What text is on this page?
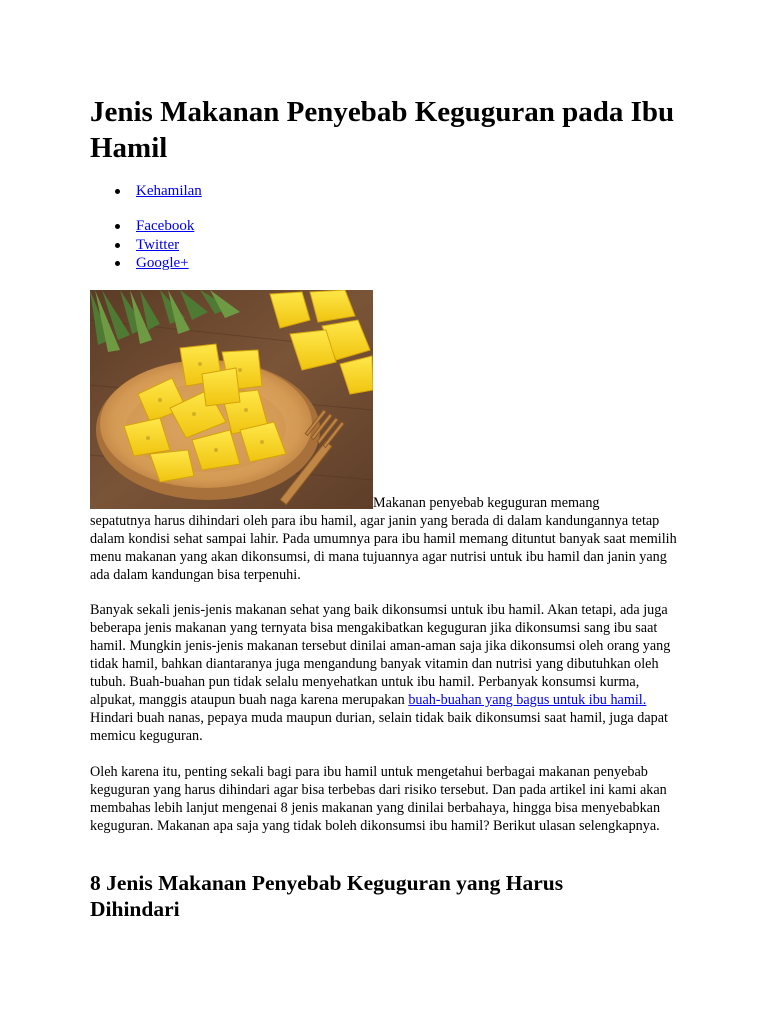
Jenis Makanan Penyebab Keguguran pada Ibu Hamil
Kehamilan
Facebook
Twitter
Google+
Makanan penyebab keguguran memang

sepatutnya harus dihindari oleh para ibu hamil, agar janin yang berada di dalam kandungannya tetap dalam kondisi sehat sampai lahir. Pada umumnya para ibu hamil memang dituntut banyak saat memilih menu makanan yang akan dikonsumsi, di mana tujuannya agar nutrisi untuk ibu hamil dan janin yang ada dalam kandungan bisa terpenuhi.

Banyak sekali jenis-jenis makanan sehat yang baik dikonsumsi untuk ibu hamil. Akan tetapi, ada juga beberapa jenis makanan yang ternyata bisa mengakibatkan keguguran jika dikonsumsi sang ibu saat hamil. Mungkin jenis-jenis makanan tersebut dinilai aman-aman saja jika dikonsumsi oleh orang yang tidak hamil, bahkan diantaranya juga mengandung banyak vitamin dan nutrisi yang dibutuhkan oleh tubuh. Buah-buahan pun tidak selalu menyehatkan untuk ibu hamil. Perbanyak konsumsi kurma, alpukat, manggis ataupun buah naga karena merupakan buah-buahan yang bagus untuk ibu hamil. Hindari buah nanas, pepaya muda maupun durian, selain tidak baik dikonsumsi saat hamil, juga dapat memicu keguguran.

Oleh karena itu, penting sekali bagi para ibu hamil untuk mengetahui berbagai makanan penyebab keguguran yang harus dihindari agar bisa terbebas dari risiko tersebut. Dan pada artikel ini kami akan membahas lebih lanjut mengenai 8 jenis makanan yang dinilai berbahaya, hingga bisa menyebabkan keguguran. Makanan apa saja yang tidak boleh dikonsumsi ibu hamil? Berikut ulasan selengkapnya.

8 Jenis Makanan Penyebab Keguguran yang Harus Dihindari
